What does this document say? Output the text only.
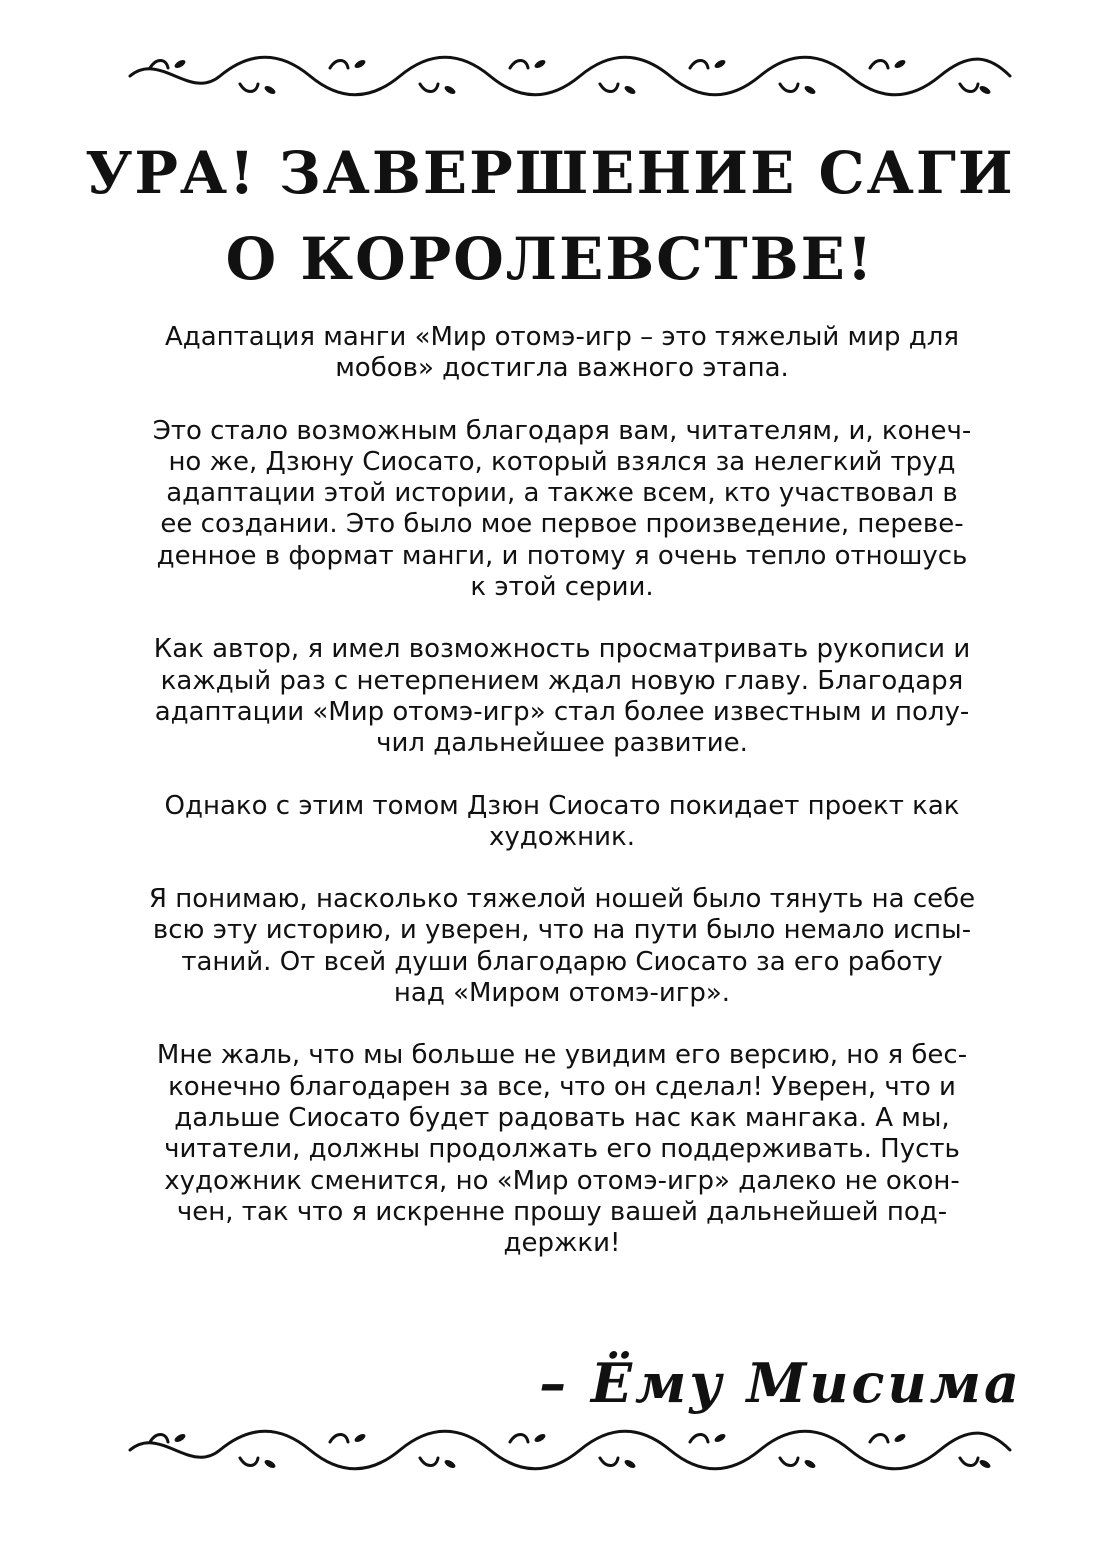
УРА! ЗАВЕРШЕНИЕ САГИ
О КОРОЛЕВСТВЕ!

Адаптация манги «Мир отомэ-игр – это тяжелый мир для
мобов» достигла важного этапа.

Это стало возможным благодаря вам, читателям, и, конеч-
но же, Дзюну Сиосато, который взялся за нелегкий труд
адаптации этой истории, а также всем, кто участвовал в
ее создании. Это было мое первое произведение, переве-
денное в формат манги, и потому я очень тепло отношусь
к этой серии.

Как автор, я имел возможность просматривать рукописи и
каждый раз с нетерпением ждал новую главу. Благодаря
адаптации «Мир отомэ-игр» стал более известным и полу-
чил дальнейшее развитие.

Однако с этим томом Дзюн Сиосато покидает проект как
художник.

Я понимаю, насколько тяжелой ношей было тянуть на себе
всю эту историю, и уверен, что на пути было немало испы-
таний. От всей души благодарю Сиосато за его работу
над «Миром отомэ-игр».

Мне жаль, что мы больше не увидим его версию, но я бес-
конечно благодарен за все, что он сделал! Уверен, что и
дальше Сиосато будет радовать нас как мангака. А мы,
читатели, должны продолжать его поддерживать. Пусть
художник сменится, но «Мир отомэ-игр» далеко не окон-
чен, так что я искренне прошу вашей дальнейшей под-
держки!

– Ёму Мисима
